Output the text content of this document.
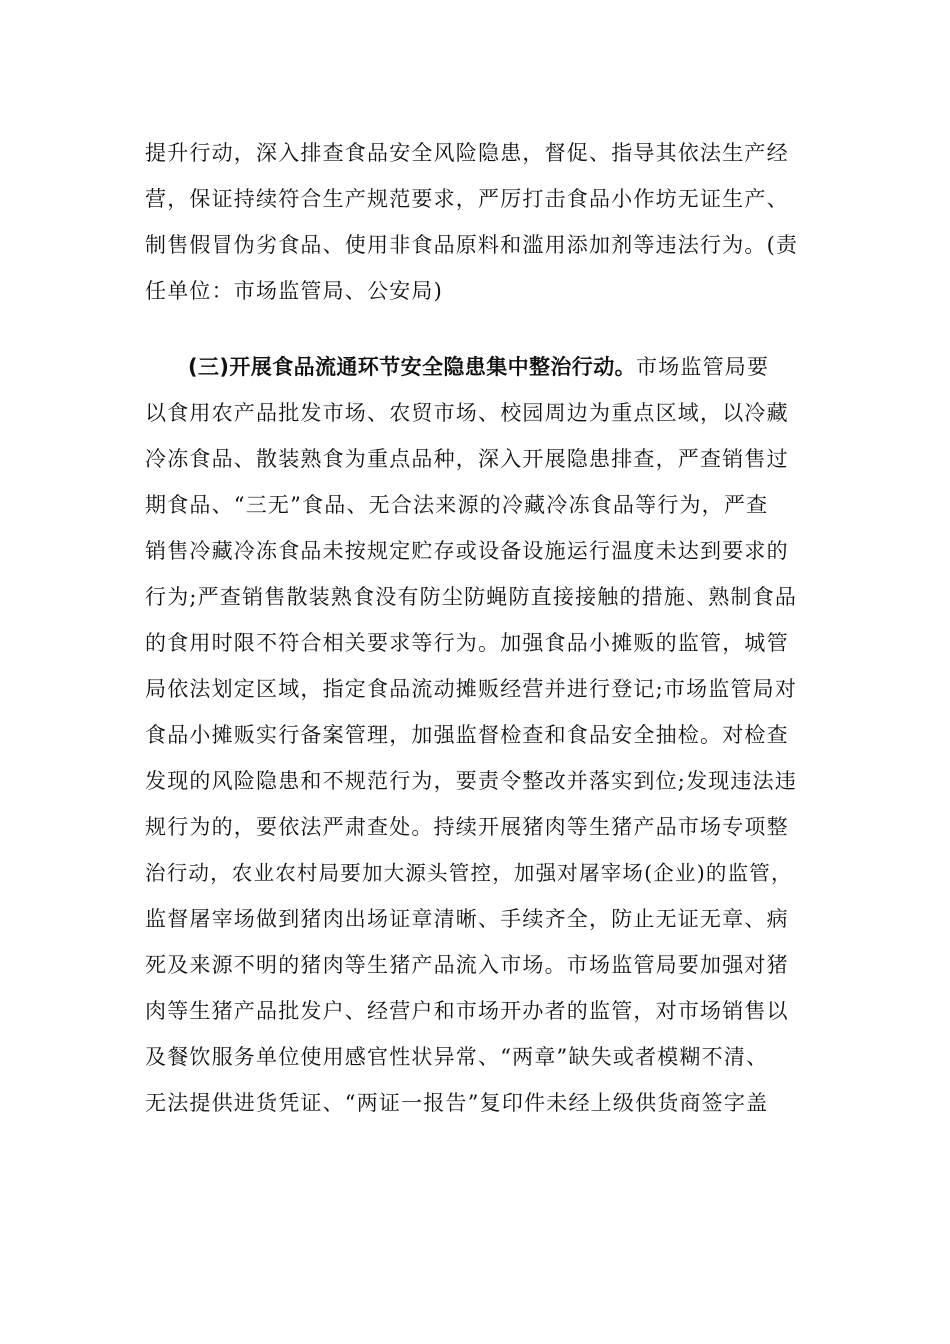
提升行动，深入排查食品安全风险隐患，督促、指导其依法生产经
营，保证持续符合生产规范要求，严厉打击食品小作坊无证生产、
制售假冒伪劣食品、使用非食品原料和滥用添加剂等违法行为。(责
任单位：市场监管局、公安局)
(三)开展食品流通环节安全隐患集中整治行动。市场监管局要
以食用农产品批发市场、农贸市场、校园周边为重点区域，以冷藏
冷冻食品、散装熟食为重点品种，深入开展隐患排查，严查销售过
期食品、“三无”食品、无合法来源的冷藏冷冻食品等行为，严查
销售冷藏冷冻食品未按规定贮存或设备设施运行温度未达到要求的
行为;严查销售散装熟食没有防尘防蝇防直接接触的措施、熟制食品
的食用时限不符合相关要求等行为。加强食品小摊贩的监管，城管
局依法划定区域，指定食品流动摊贩经营并进行登记;市场监管局对
食品小摊贩实行备案管理，加强监督检查和食品安全抽检。对检查
发现的风险隐患和不规范行为，要责令整改并落实到位;发现违法违
规行为的，要依法严肃查处。持续开展猪肉等生猪产品市场专项整
治行动，农业农村局要加大源头管控，加强对屠宰场(企业)的监管，
监督屠宰场做到猪肉出场证章清晰、手续齐全，防止无证无章、病
死及来源不明的猪肉等生猪产品流入市场。市场监管局要加强对猪
肉等生猪产品批发户、经营户和市场开办者的监管，对市场销售以
及餐饮服务单位使用感官性状异常、“两章”缺失或者模糊不清、
无法提供进货凭证、“两证一报告”复印件未经上级供货商签字盖
